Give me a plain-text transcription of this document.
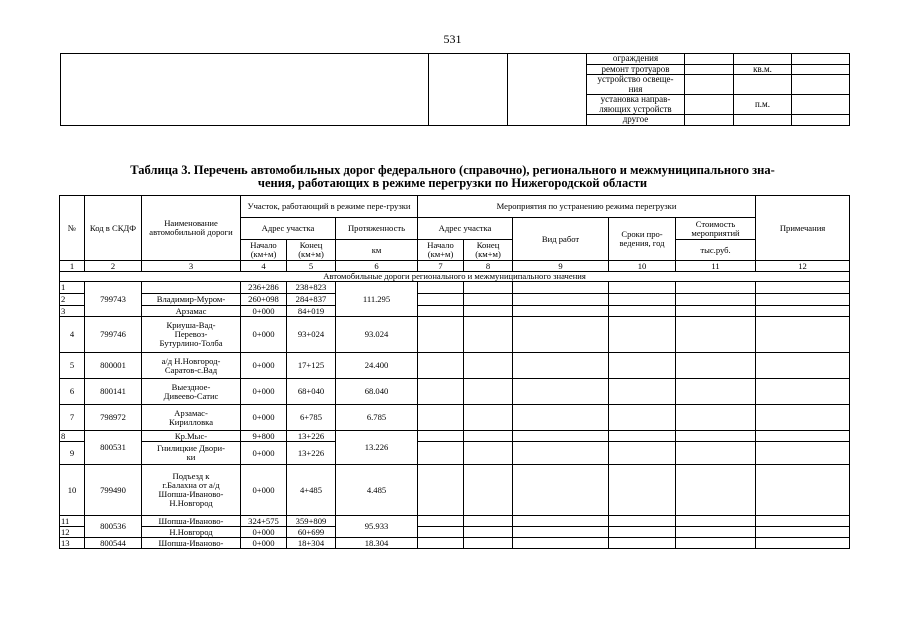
531
			ограждения			
			ремонт тротуаров		кв.м.	
			устройство освеще-
ния			
			установка направ-
ляющих устройств		п.м.	
			другое			
Таблица 3. Перечень автомобильных дорог федерального (справочно), регионального и межмуниципального зна-
чения, работающих в режиме перегрузки по Нижегородской области
№	Код в СКДФ	Наименование автомобильной дороги	Участок, работающий в режиме пере-грузки			Мероприятия по устранению режима перегрузки					Примечания
			Адрес участка		Протяженность	Адрес участка		Вид работ	Сроки про-ведения, год	Стоимость мероприятий	
			Начало (км+м)	Конец (км+м)	км	Начало (км+м)	Конец (км+м)			тыс.руб.	
1	2	3	4	5	6	7	8	9	10	11	12
Автомобильные дороги регионального и межмуниципального значения											
1	799743		236+286	238+823	111.295						
2		Владимир-Муром-	260+098	284+837							
3		Арзамас	0+000	84+019							
4	799746	Криуша-Вад-
Перевоз-
Бутурлино-Толба	0+000	93+024	93.024						
5	800001	а/д Н.Новгород-
Саратов-с.Вад	0+000	17+125	24.400						
6	800141	Выездное-
Дивеево-Сатис	0+000	68+040	68.040						
7	798972	Арзамас-
Кирилловка	0+000	6+785	6.785						
8	800531	Кр.Мыс-	9+800	13+226	13.226						
9		Гнилицкие Двори-
ки	0+000	13+226							
10	799490	Подъезд к
г.Балахна от а/д
Шопша-Иваново-
Н.Новгород	0+000	4+485	4.485						
11	800536	Шопша-Иваново-	324+575	359+809	95.933						
12		Н.Новгород	0+000	60+699							
13	800544	Шопша-Иваново-	0+000	18+304	18.304						
